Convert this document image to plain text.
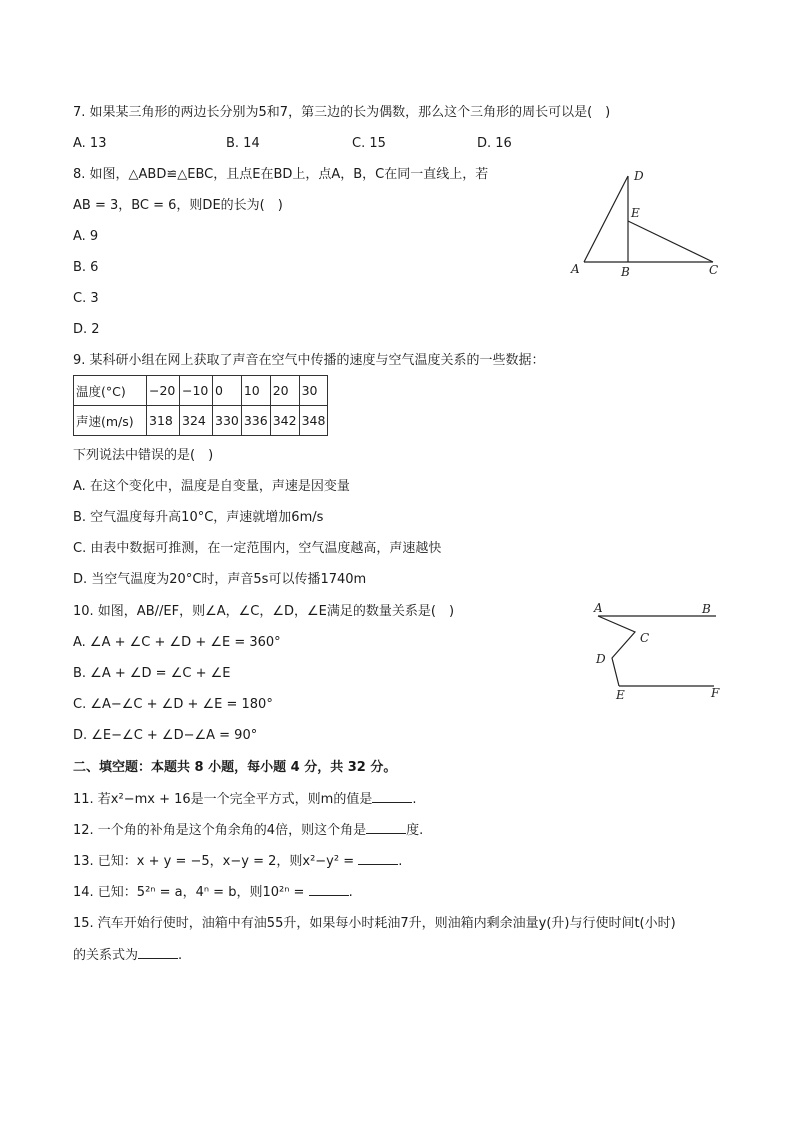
7. 如果某三角形的两边长分别为5和7，第三边的长为偶数，那么这个三角形的周长可以是(　)
A. 13	B. 14	C. 15	D. 16
8. 如图，△ABD≌△EBC，且点E在BD上，点A，B，C在同一直线上，若
AB = 3，BC = 6，则DE的长为(　)
A. 9
B. 6
C. 3
D. 2
D
E
A	B	C
9. 某科研小组在网上获取了声音在空气中传播的速度与空气温度关系的一些数据：
温度(°C)	−20	−10	0	10	20	30
声速(m/s)	318	324	330	336	342	348
下列说法中错误的是(　)
A. 在这个变化中，温度是自变量，声速是因变量
B. 空气温度每升高10°C，声速就增加6m/s
C. 由表中数据可推测，在一定范围内，空气温度越高，声速越快
D. 当空气温度为20°C时，声音5s可以传播1740m
10. 如图，AB//EF，则∠A，∠C，∠D，∠E满足的数量关系是(　)
A. ∠A + ∠C + ∠D + ∠E = 360°
B. ∠A + ∠D = ∠C + ∠E
C. ∠A−∠C + ∠D + ∠E = 180°
D. ∠E−∠C + ∠D−∠A = 90°
A	B
C
D
E	F
二、填空题：本题共 8 小题，每小题 4 分，共 32 分。
11. 若x²−mx + 16是一个完全平方式，则m的值是	.
12. 一个角的补角是这个角余角的4倍，则这个角是	度.
13. 已知：x + y = −5，x−y = 2，则x²−y² =	.
14. 已知：5²ⁿ = a，4ⁿ = b，则10²ⁿ =	.
15. 汽车开始行使时，油箱中有油55升，如果每小时耗油7升，则油箱内剩余油量y(升)与行使时间t(小时)
的关系式为	.
